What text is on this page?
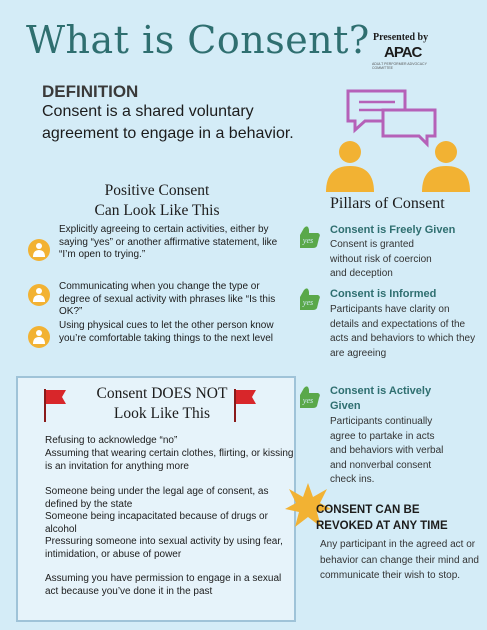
What is Consent? Presented by
APAC
ADULT PERFORMER ADVOCACY COMMITTEE
DEFINITION
Consent is a shared voluntary agreement to engage in a behavior.
Positive Consent
Can Look Like This
Explicitly agreeing to certain activities, either by saying “yes” or another affirmative statement, like “I’m open to trying.”
Communicating when you change the type or degree of sexual activity with phrases like “Is this OK?”
Using physical cues to let the other person know you’re comfortable taking things to the next level
Consent DOES NOT
Look Like This
Refusing to acknowledge “no”
Assuming that wearing certain clothes, flirting, or kissing is an invitation for anything more
Someone being under the legal age of consent, as defined by the state
Someone being incapacitated because of drugs or alcohol
Pressuring someone into sexual activity by using fear, intimidation, or abuse of power
Assuming you have permission to engage in a sexual act because you’ve done it in the past
Pillars of Consent
yes
Consent is Freely Given
Consent is granted without risk of coercion and deception
yes
Consent is Informed
Participants have clarity on details and expectations of the acts and behaviors to which they are agreeing
yes
Consent is Actively
Given
Participants continually agree to partake in acts and behaviors with verbal and nonverbal consent check ins.
CONSENT CAN BE
REVOKED AT ANY TIME
Any participant in the agreed act or behavior can change their mind and communicate their wish to stop.
